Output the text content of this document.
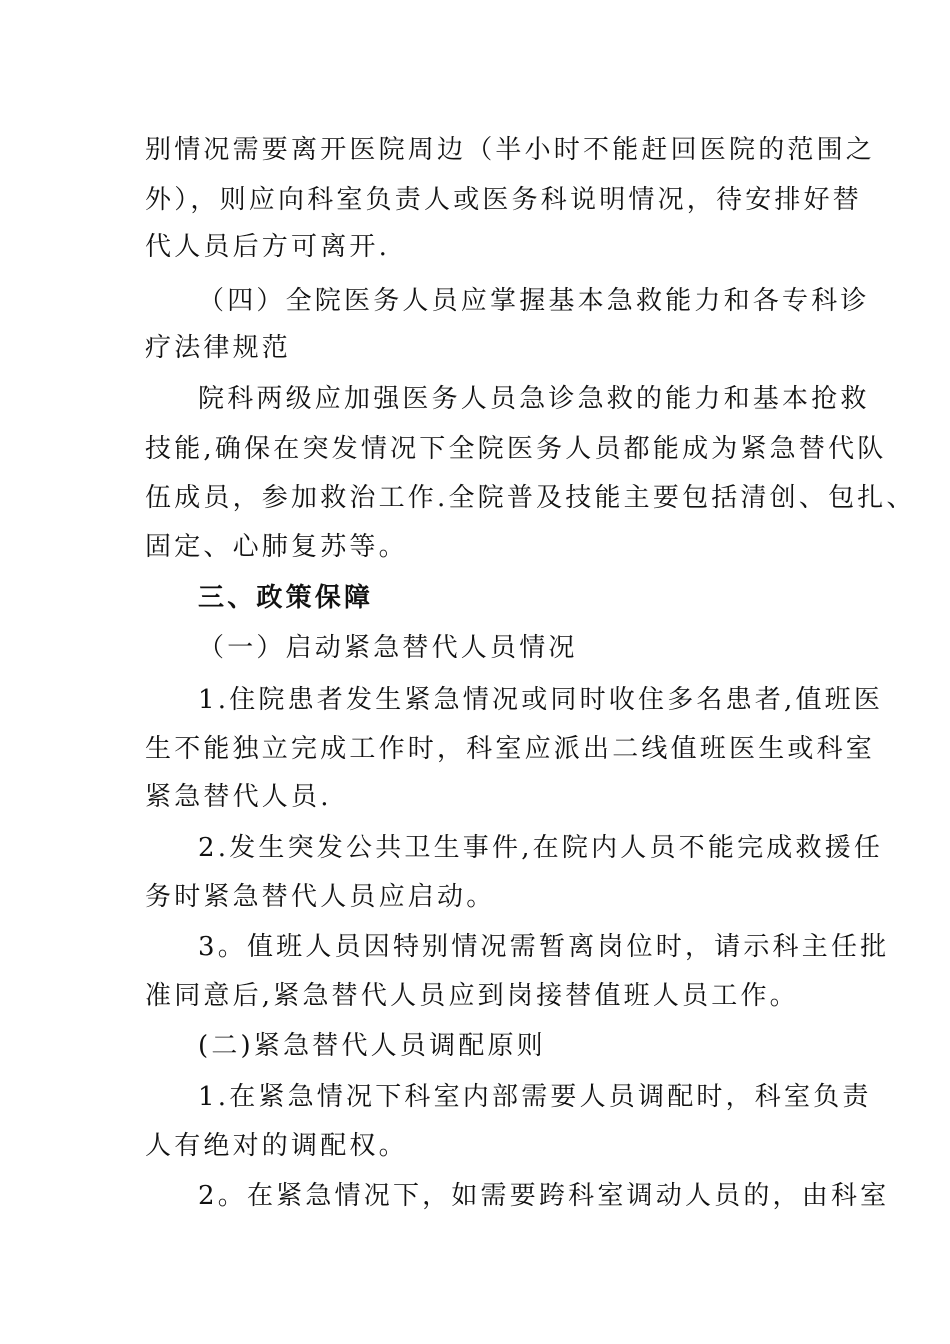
别情况需要离开医院周边（半小时不能赶回医院的范围之
外），则应向科室负责人或医务科说明情况，待安排好替
代人员后方可离开.
（四）全院医务人员应掌握基本急救能力和各专科诊
疗法律规范
院科两级应加强医务人员急诊急救的能力和基本抢救
技能,确保在突发情况下全院医务人员都能成为紧急替代队
伍成员，参加救治工作.全院普及技能主要包括清创、包扎、
固定、心肺复苏等。
三、政策保障
（一）启动紧急替代人员情况
1.住院患者发生紧急情况或同时收住多名患者,值班医
生不能独立完成工作时，科室应派出二线值班医生或科室
紧急替代人员.
2.发生突发公共卫生事件,在院内人员不能完成救援任
务时紧急替代人员应启动。
3。值班人员因特别情况需暂离岗位时，请示科主任批
准同意后,紧急替代人员应到岗接替值班人员工作。
(二)紧急替代人员调配原则
1.在紧急情况下科室内部需要人员调配时，科室负责
人有绝对的调配权。
2。在紧急情况下，如需要跨科室调动人员的，由科室
